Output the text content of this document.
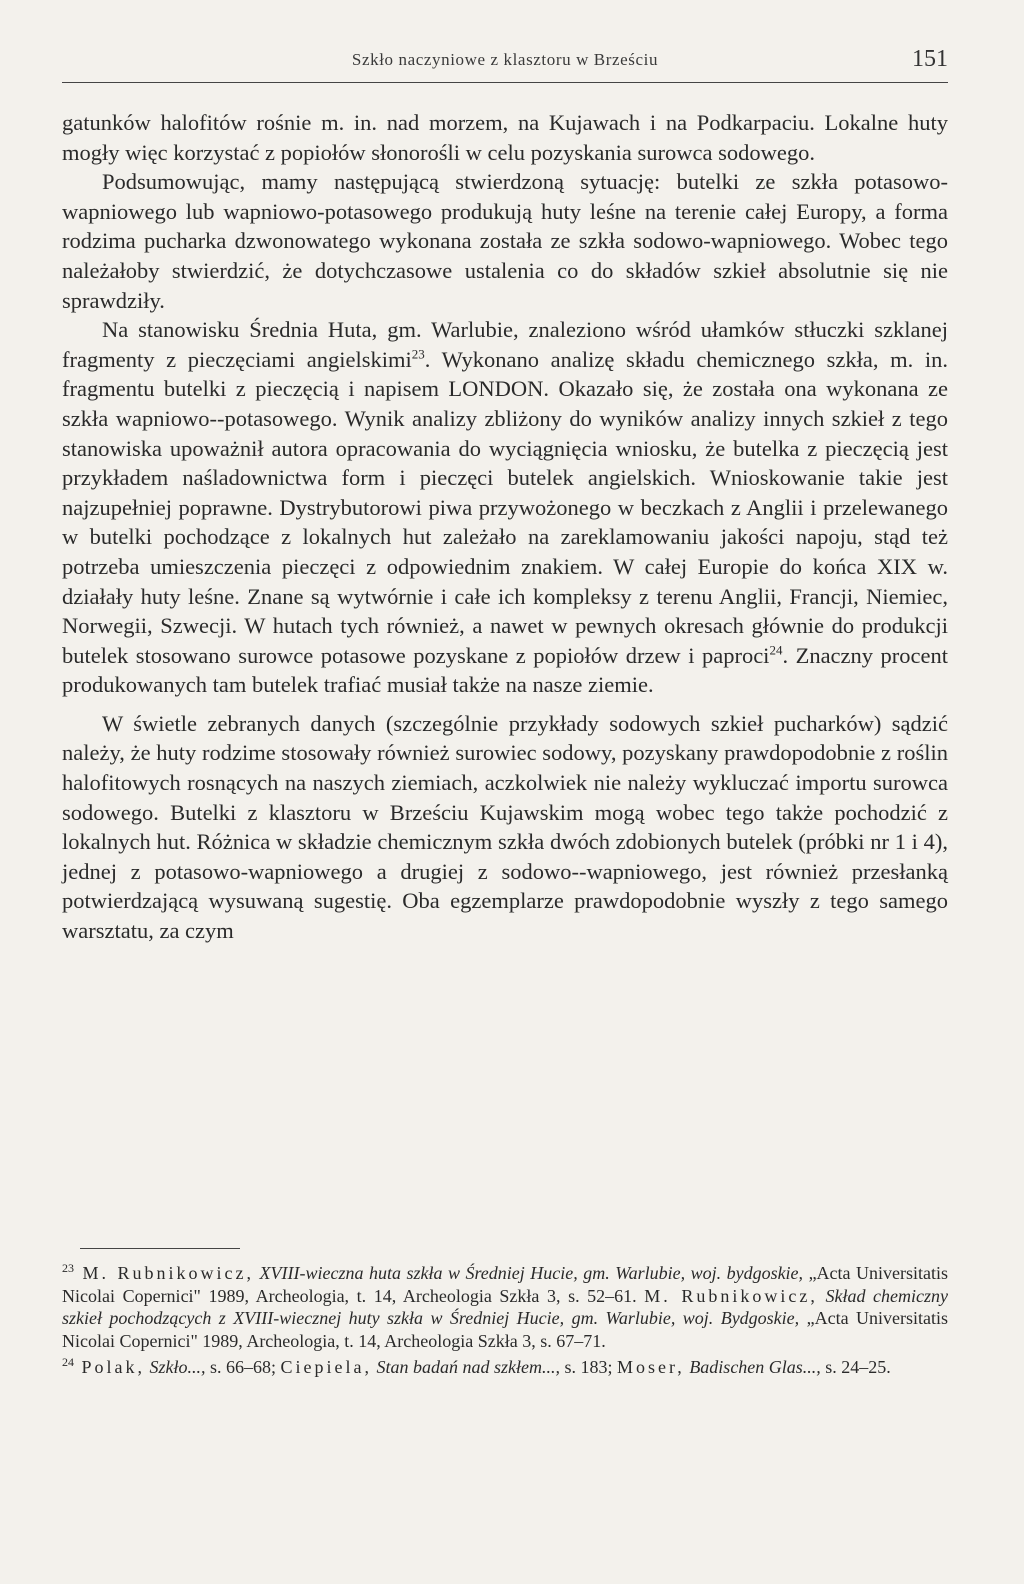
Szkło naczyniowe z klasztoru w Brześciu	151

gatunków halofitów rośnie m. in. nad morzem, na Kujawach i na Podkarpaciu. Lokalne huty mogły więc korzystać z popiołów słonorośli w celu pozyskania surowca sodowego.

Podsumowując, mamy następującą stwierdzoną sytuację: butelki ze szkła potasowo-wapniowego lub wapniowo-potasowego produkują huty leśne na terenie całej Europy, a forma rodzima pucharka dzwonowatego wykonana została ze szkła sodowo-wapniowego. Wobec tego należałoby stwierdzić, że dotychczasowe ustalenia co do składów szkieł absolutnie się nie sprawdziły.

Na stanowisku Średnia Huta, gm. Warlubie, znaleziono wśród ułamków stłuczki szklanej fragmenty z pieczęciami angielskimi$^{23}$. Wykonano analizę składu chemicznego szkła, m. in. fragmentu butelki z pieczęcią i napisem LONDON. Okazało się, że została ona wykonana ze szkła wapniowo--potasowego. Wynik analizy zbliżony do wyników analizy innych szkieł z tego stanowiska upoważnił autora opracowania do wyciągnięcia wniosku, że butelka z pieczęcią jest przykładem naśladownictwa form i pieczęci butelek angielskich. Wnioskowanie takie jest najzupełniej poprawne. Dystrybutorowi piwa przywożonego w beczkach z Anglii i przelewanego w butelki pochodzące z lokalnych hut zależało na zareklamowaniu jakości napoju, stąd też potrzeba umieszczenia pieczęci z odpowiednim znakiem. W całej Europie do końca XIX w. działały huty leśne. Znane są wytwórnie i całe ich kompleksy z terenu Anglii, Francji, Niemiec, Norwegii, Szwecji. W hutach tych również, a nawet w pewnych okresach głównie do produkcji butelek stosowano surowce potasowe pozyskane z popiołów drzew i paproci$^{24}$. Znaczny procent produkowanych tam butelek trafiać musiał także na nasze ziemie.

W świetle zebranych danych (szczególnie przykłady sodowych szkieł pucharków) sądzić należy, że huty rodzime stosowały również surowiec sodowy, pozyskany prawdopodobnie z roślin halofitowych rosnących na naszych ziemiach, aczkolwiek nie należy wykluczać importu surowca sodowego. Butelki z klasztoru w Brześciu Kujawskim mogą wobec tego także pochodzić z lokalnych hut. Różnica w składzie chemicznym szkła dwóch zdobionych butelek (próbki nr 1 i 4), jednej z potasowo-wapniowego a drugiej z sodowo--wapniowego, jest również przesłanką potwierdzającą wysuwaną sugestię. Oba egzemplarze prawdopodobnie wyszły z tego samego warsztatu, za czym

$^{23}$ M. Rubnikowicz, XVIII-wieczna huta szkła w Średniej Hucie, gm. Warlubie, woj. bydgoskie, „Acta Universitatis Nicolai Copernici" 1989, Archeologia, t. 14, Archeologia Szkła 3, s. 52–61. M. Rubnikowicz, Skład chemiczny szkieł pochodzących z XVIII-wiecznej huty szkła w Średniej Hucie, gm. Warlubie, woj. Bydgoskie, „Acta Universitatis Nicolai Copernici" 1989, Archeologia, t. 14, Archeologia Szkła 3, s. 67–71.

$^{24}$ Polak, Szkło..., s. 66–68; Ciepiela, Stan badań nad szkłem..., s. 183; Moser, Badischen Glas..., s. 24–25.
